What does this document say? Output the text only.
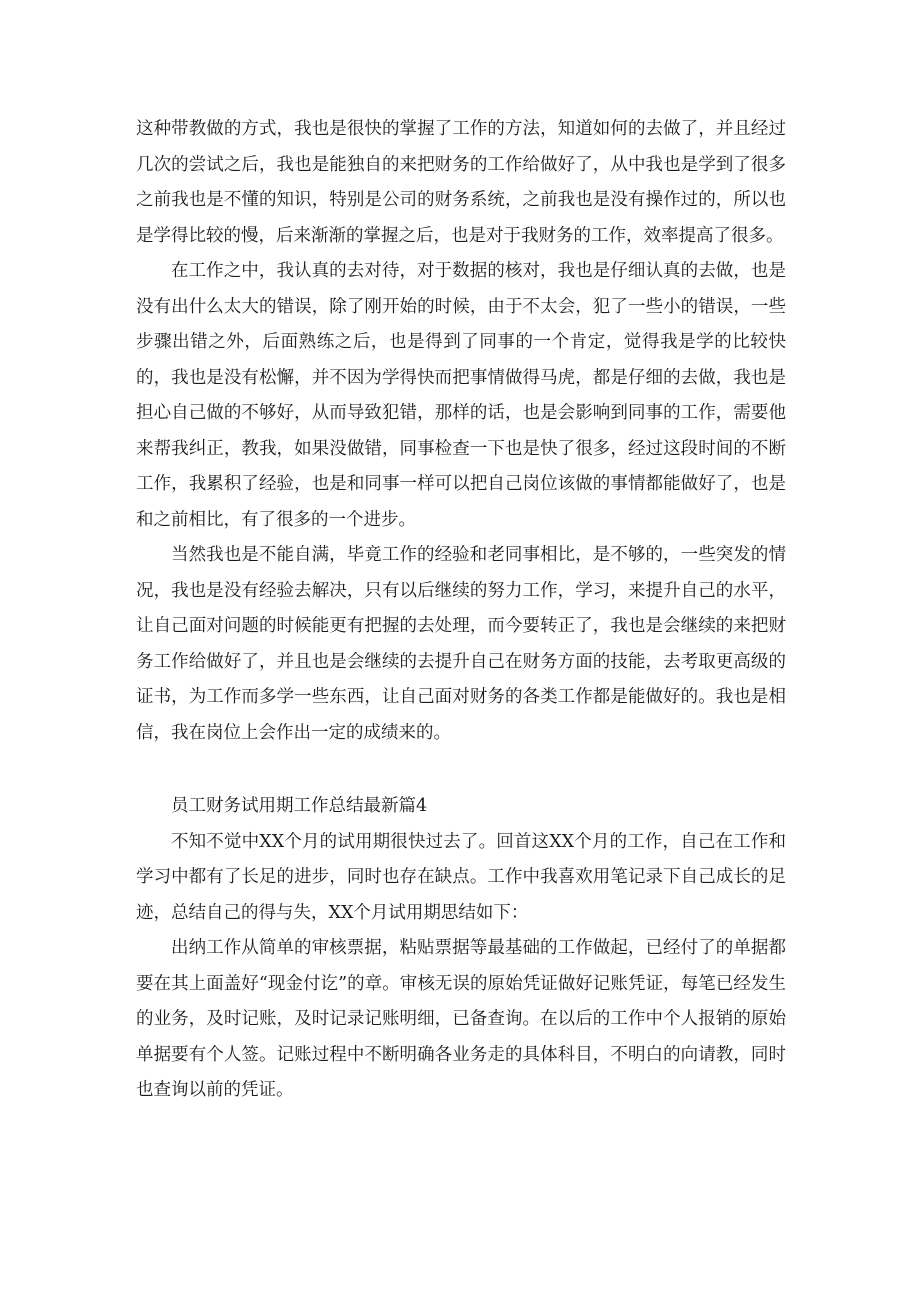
这种带教做的方式，我也是很快的掌握了工作的方法，知道如何的去做了，并且经过几次的尝试之后，我也是能独自的来把财务的工作给做好了，从中我也是学到了很多之前我也是不懂的知识，特别是公司的财务系统，之前我也是没有操作过的，所以也是学得比较的慢，后来渐渐的掌握之后，也是对于我财务的工作，效率提高了很多。

在工作之中，我认真的去对待，对于数据的核对，我也是仔细认真的去做，也是没有出什么太大的错误，除了刚开始的时候，由于不太会，犯了一些小的错误，一些步骤出错之外，后面熟练之后，也是得到了同事的一个肯定，觉得我是学的比较快的，我也是没有松懈，并不因为学得快而把事情做得马虎，都是仔细的去做，我也是担心自己做的不够好，从而导致犯错，那样的话，也是会影响到同事的工作，需要他来帮我纠正，教我，如果没做错，同事检查一下也是快了很多，经过这段时间的不断工作，我累积了经验，也是和同事一样可以把自己岗位该做的事情都能做好了，也是和之前相比，有了很多的一个进步。

当然我也是不能自满，毕竟工作的经验和老同事相比，是不够的，一些突发的情况，我也是没有经验去解决，只有以后继续的努力工作，学习，来提升自己的水平，让自己面对问题的时候能更有把握的去处理，而今要转正了，我也是会继续的来把财务工作给做好了，并且也是会继续的去提升自己在财务方面的技能，去考取更高级的证书，为工作而多学一些东西，让自己面对财务的各类工作都是能做好的。我也是相信，我在岗位上会作出一定的成绩来的。

员工财务试用期工作总结最新篇4

不知不觉中XX个月的试用期很快过去了。回首这XX个月的工作，自己在工作和学习中都有了长足的进步，同时也存在缺点。工作中我喜欢用笔记录下自己成长的足迹，总结自己的得与失，XX个月试用期思结如下：

出纳工作从简单的审核票据，粘贴票据等最基础的工作做起，已经付了的单据都要在其上面盖好“现金付讫”的章。审核无误的原始凭证做好记账凭证，每笔已经发生的业务，及时记账，及时记录记账明细，已备查询。在以后的工作中个人报销的原始单据要有个人签。记账过程中不断明确各业务走的具体科目，不明白的向请教，同时也查询以前的凭证。
